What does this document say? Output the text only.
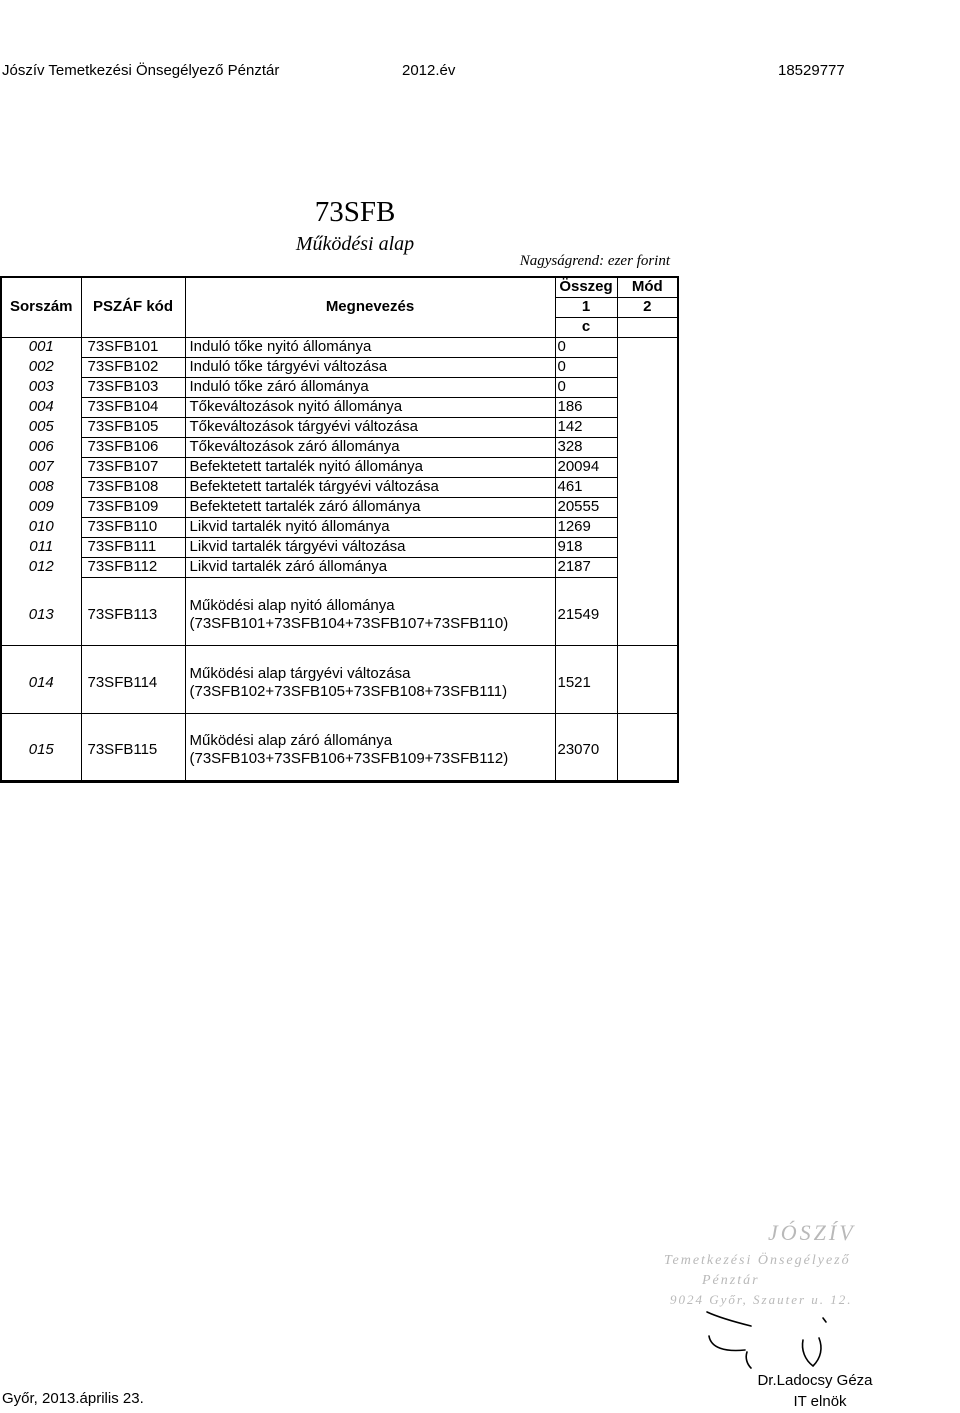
Jószív Temetkezési Önsegélyező Pénztár	2012.év	18529777
73SFB
Működési alap
Nagyságrend: ezer forint
Sorszám	PSZÁF kód	Megnevezés	Összeg	Mód
			1	2
			c	
001	73SFB101	Induló tőke nyitó állománya	0	
002	73SFB102	Induló tőke tárgyévi változása	0	
003	73SFB103	Induló tőke záró állománya	0	
004	73SFB104	Tőkeváltozások nyitó állománya	186	
005	73SFB105	Tőkeváltozások tárgyévi változása	142	
006	73SFB106	Tőkeváltozások záró állománya	328	
007	73SFB107	Befektetett tartalék nyitó állománya	20094	
008	73SFB108	Befektetett tartalék tárgyévi változása	461	
009	73SFB109	Befektetett tartalék záró állománya	20555	
010	73SFB110	Likvid tartalék nyitó állománya	1269	
011	73SFB111	Likvid tartalék tárgyévi változása	918	
012	73SFB112	Likvid tartalék záró állománya	2187	

013	73SFB113	Működési alap nyitó állománya
(73SFB101+73SFB104+73SFB107+73SFB110)	21549	

014	73SFB114	Működési alap tárgyévi változása
(73SFB102+73SFB105+73SFB108+73SFB111)	1521	

015	73SFB115	Működési alap záró állománya
(73SFB103+73SFB106+73SFB109+73SFB112)	23070	
Győr, 2013.április 23.
JÓSZÍV
Temetkezési Önsegélyező
Pénztár
9024 Győr, Szauter u. 12.
Dr.Ladocsy Géza
IT elnök
